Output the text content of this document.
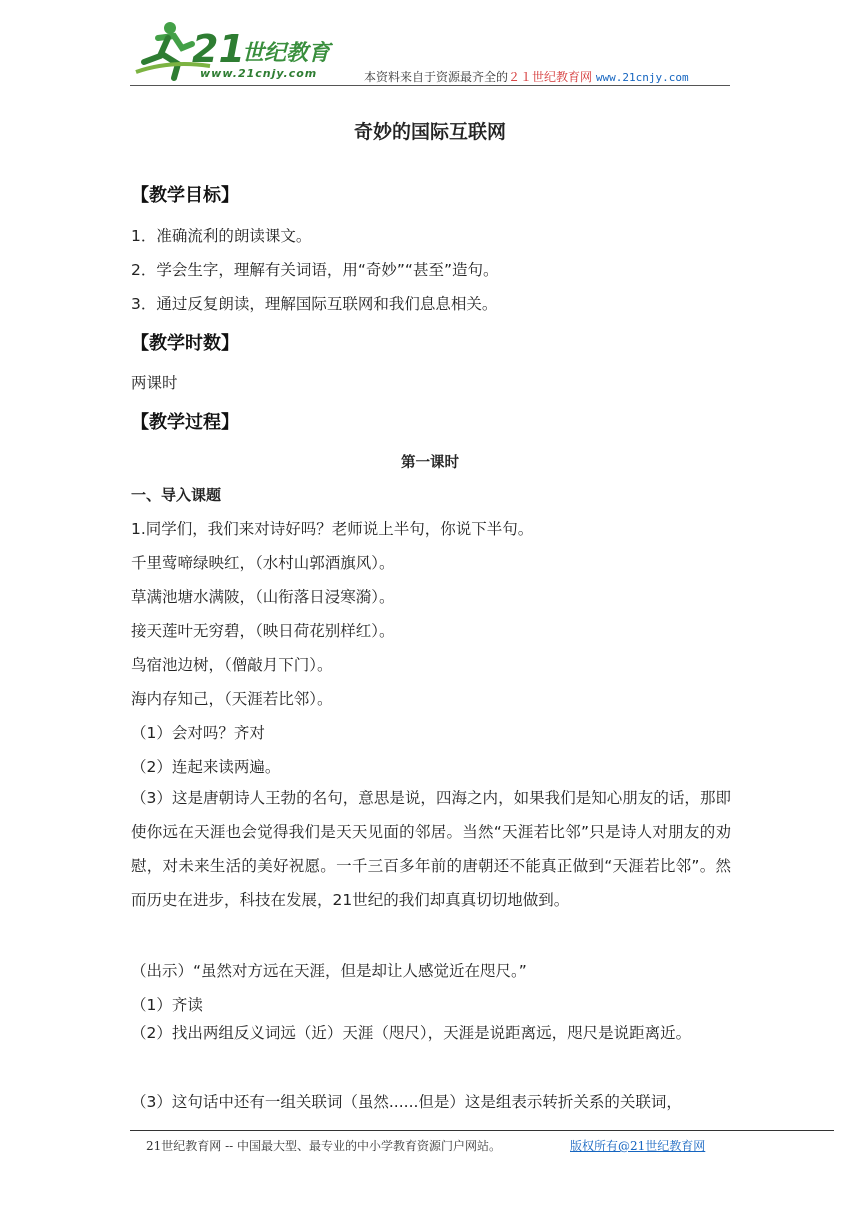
21
世纪教育
www.21cnjy.com	本资料来自于资源最齐全的２１世纪教育网 www.21cnjy.com
奇妙的国际互联网
【教学目标】
1．准确流利的朗读课文。
2．学会生字，理解有关词语，用“奇妙”“甚至”造句。
3．通过反复朗读，理解国际互联网和我们息息相关。
【教学时数】
两课时
【教学过程】
第一课时
一、导入课题
1.同学们，我们来对诗好吗？老师说上半句，你说下半句。
千里莺啼绿映红，（水村山郭酒旗风）。
草满池塘水满陂，（山衔落日浸寒漪）。
接天莲叶无穷碧，（映日荷花别样红）。
鸟宿池边树，（僧敲月下门）。
海内存知己，（天涯若比邻）。
（1）会对吗？齐对
（2）连起来读两遍。
（3）这是唐朝诗人王勃的名句，意思是说，四海之内，如果我们是知心朋友的话，那即使你远在天涯也会觉得我们是天天见面的邻居。当然“天涯若比邻”只是诗人对朋友的劝慰，对未来生活的美好祝愿。一千三百多年前的唐朝还不能真正做到“天涯若比邻”。然而历史在进步，科技在发展，21世纪的我们却真真切切地做到。
（出示）“虽然对方远在天涯，但是却让人感觉近在咫尺。”
（1）齐读
（2）找出两组反义词远（近）天涯（咫尺），天涯是说距离远，咫尺是说距离近。
（3）这句话中还有一组关联词（虽然......但是）这是组表示转折关系的关联词，
21世纪教育网 -- 中国最大型、最专业的中小学教育资源门户网站。	版权所有@21世纪教育网
